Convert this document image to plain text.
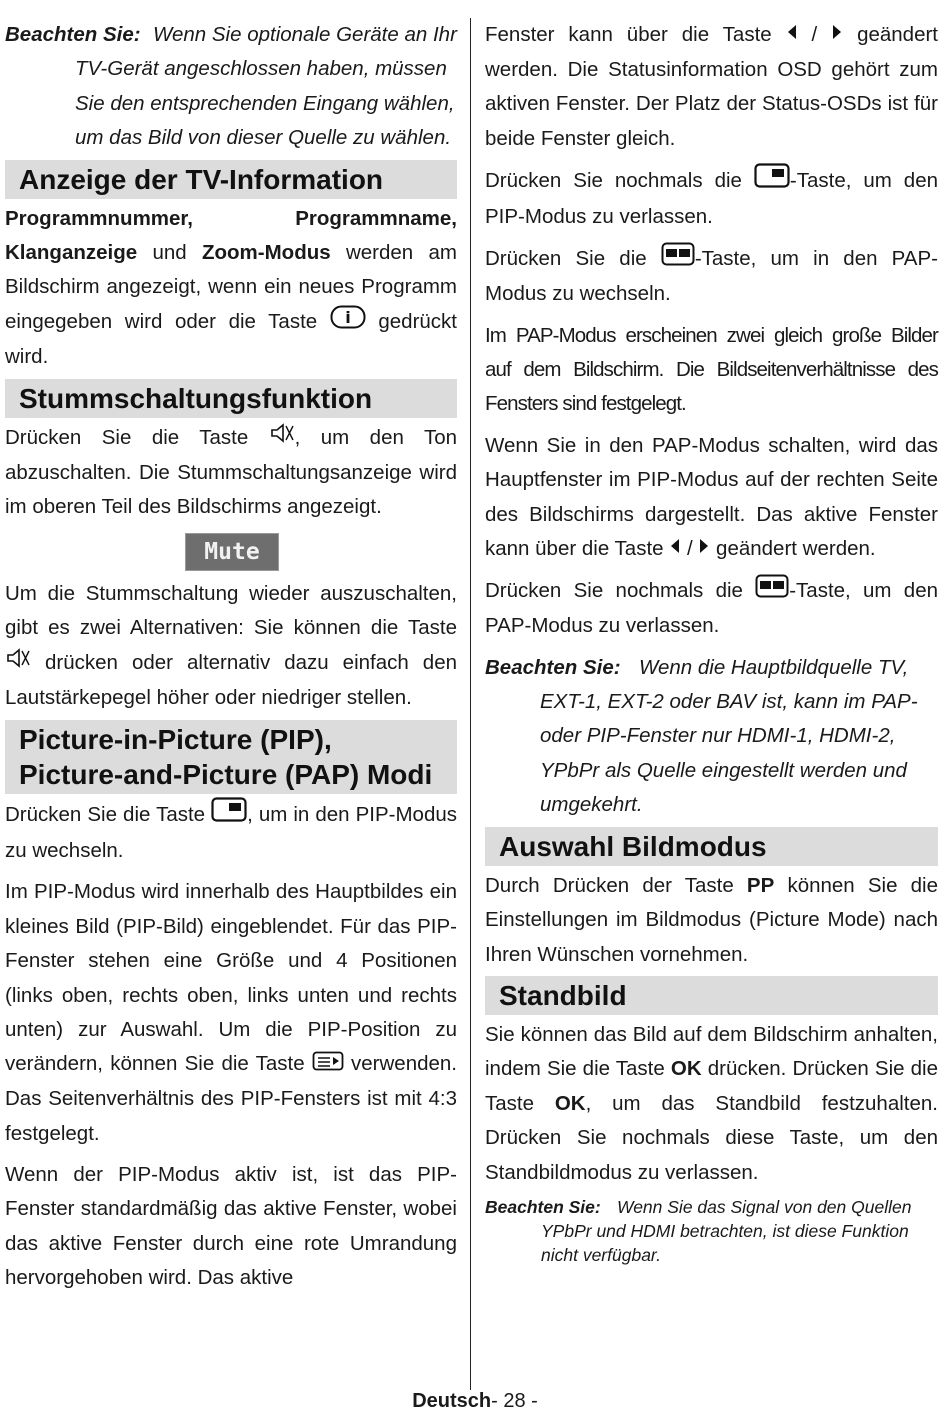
Beachten Sie: Wenn Sie optionale Geräte an Ihr TV-Gerät angeschlossen haben, müssen Sie den entsprechenden Eingang wählen, um das Bild von dieser Quelle zu wählen.
Anzeige der TV-Information

Programmnummer, Programmname, Klanganzeige und Zoom-Modus werden am Bildschirm angezeigt, wenn ein neues Programm eingegeben wird oder die Taste i gedrückt wird.

Stummschaltungsfunktion

Drücken Sie die Taste , um den Ton abzuschalten. Die Stummschaltungsanzeige wird im oberen Teil des Bildschirms angezeigt.

Mute

Um die Stummschaltung wieder auszuschalten, gibt es zwei Alternativen: Sie können die Taste  drücken oder alternativ dazu einfach den Lautstärkepegel höher oder niedriger stellen.

Picture-in-Picture (PIP),
Picture-and-Picture (PAP) Modi

Drücken Sie die Taste , um in den PIP-Modus zu wechseln.

Im PIP-Modus wird innerhalb des Hauptbildes ein kleines Bild (PIP-Bild) eingeblendet. Für das PIP-Fenster stehen eine Größe und 4 Positionen (links oben, rechts oben, links unten und rechts unten) zur Auswahl. Um die PIP-Position zu verändern, können Sie die Taste  verwenden. Das Seitenverhältnis des PIP-Fensters ist mit 4:3 festgelegt.

Wenn der PIP-Modus aktiv ist, ist das PIP-Fenster standardmäßig das aktive Fenster, wobei das aktive Fenster durch eine rote Umrandung hervorgehoben wird. Das aktive

Fenster kann über die Taste  /  geändert werden. Die Statusinformation OSD gehört zum aktiven Fenster. Der Platz der Status-OSDs ist für beide Fenster gleich.

Drücken Sie nochmals die -Taste, um den PIP-Modus zu verlassen.

Drücken Sie die -Taste, um in den PAP-Modus zu wechseln.

Im PAP-Modus erscheinen zwei gleich große Bilder auf dem Bildschirm. Die Bildseitenverhältnisse des Fensters sind festgelegt.

Wenn Sie in den PAP-Modus schalten, wird das Hauptfenster im PIP-Modus auf der rechten Seite des Bildschirms dargestellt. Das aktive Fenster kann über die Taste  /  geändert werden.

Drücken Sie nochmals die -Taste, um den PAP-Modus zu verlassen.

Beachten Sie: Wenn die Hauptbildquelle TV, EXT-1, EXT-2 oder BAV ist, kann im PAP- oder PIP-Fenster nur HDMI-1, HDMI-2, YPbPr als Quelle eingestellt werden und umgekehrt.
Auswahl Bildmodus

Durch Drücken der Taste PP können Sie die Einstellungen im Bildmodus (Picture Mode) nach Ihren Wünschen vornehmen.

Standbild

Sie können das Bild auf dem Bildschirm anhalten, indem Sie die Taste OK drücken. Drücken Sie die Taste OK, um das Standbild festzuhalten. Drücken Sie nochmals diese Taste, um den Standbildmodus zu verlassen.

Beachten Sie: Wenn Sie das Signal von den Quellen YPbPr und HDMI betrachten, ist diese Funktion nicht verfügbar.
Deutsch- 28 -
